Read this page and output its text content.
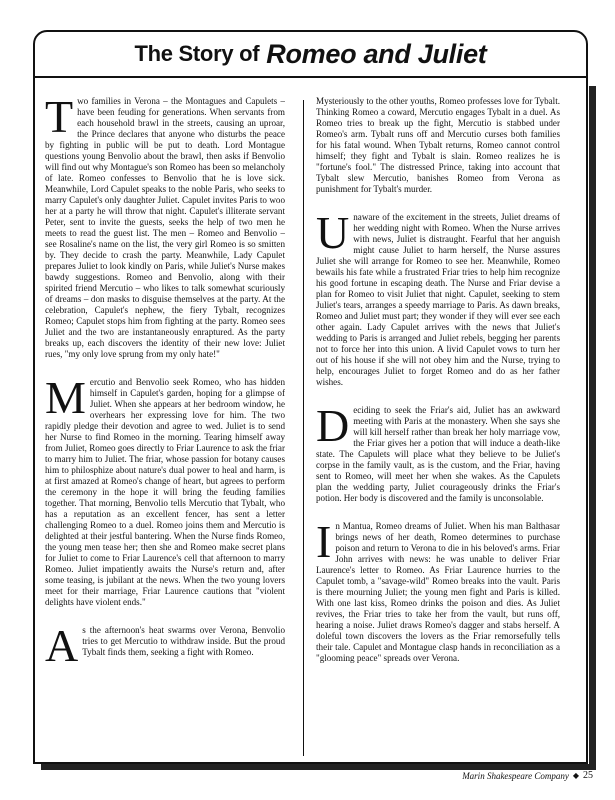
The Story of Romeo and Juliet

Two families in Verona – the Montagues and Capulets – have been feuding for generations. When servants from each household brawl in the streets, causing an uproar, the Prince declares that anyone who disturbs the peace by fighting in public will be put to death. Lord Montague questions young Benvolio about the brawl, then asks if Benvolio will find out why Montague's son Romeo has been so melancholy of late. Romeo confesses to Benvolio that he is love sick. Meanwhile, Lord Capulet speaks to the noble Paris, who seeks to marry Capulet's only daughter Juliet. Capulet invites Paris to woo her at a party he will throw that night. Capulet's illiterate servant Peter, sent to invite the guests, seeks the help of two men he meets to read the guest list. The men – Romeo and Benvolio – see Rosaline's name on the list, the very girl Romeo is so smitten by. They decide to crash the party. Meanwhile, Lady Capulet prepares Juliet to look kindly on Paris, while Juliet's Nurse makes bawdy suggestions. Romeo and Benvolio, along with their spirited friend Mercutio – who likes to talk somewhat scuriously of dreams – don masks to disguise themselves at the party. At the celebration, Capulet's nephew, the fiery Tybalt, recognizes Romeo; Capulet stops him from fighting at the party. Romeo sees Juliet and the two are instantaneously enraptured. As the party breaks up, each discovers the identity of their new love: Juliet rues, "my only love sprung from my only hate!"

Mercutio and Benvolio seek Romeo, who has hidden himself in Capulet's garden, hoping for a glimpse of Juliet. When she appears at her bedroom window, he overhears her expressing love for him. The two rapidly pledge their devotion and agree to wed. Juliet is to send her Nurse to find Romeo in the morning. Tearing himself away from Juliet, Romeo goes directly to Friar Laurence to ask the friar to marry him to Juliet. The friar, whose passion for botany causes him to philosphize about nature's dual power to heal and harm, is at first amazed at Romeo's change of heart, but agrees to perform the ceremony in the hope it will bring the feuding families together. That morning, Benvolio tells Mercutio that Tybalt, who has a reputation as an excellent fencer, has sent a letter challenging Romeo to a duel. Romeo joins them and Mercutio is delighted at their jestful bantering. When the Nurse finds Romeo, the young men tease her; then she and Romeo make secret plans for Juliet to come to Friar Laurence's cell that afternoon to marry Romeo. Juliet impatiently awaits the Nurse's return and, after some teasing, is jubilant at the news. When the two young lovers meet for their marriage, Friar Laurence cautions that "violent delights have violent ends."

As the afternoon's heat swarms over Verona, Benvolio tries to get Mercutio to withdraw inside. But the proud Tybalt finds them, seeking a fight with Romeo.

Mysteriously to the other youths, Romeo professes love for Tybalt. Thinking Romeo a coward, Mercutio engages Tybalt in a duel. As Romeo tries to break up the fight, Mercutio is stabbed under Romeo's arm. Tybalt runs off and Mercutio curses both families for his fatal wound. When Tybalt returns, Romeo cannot control himself; they fight and Tybalt is slain. Romeo realizes he is "fortune's fool." The distressed Prince, taking into account that Tybalt slew Mercutio, banishes Romeo from Verona as punishment for Tybalt's murder.

Unaware of the excitement in the streets, Juliet dreams of her wedding night with Romeo. When the Nurse arrives with news, Juliet is distraught. Fearful that her anguish might cause Juliet to harm herself, the Nurse assures Juliet she will arrange for Romeo to see her. Meanwhile, Romeo bewails his fate while a frustrated Friar tries to help him recognize his good fortune in escaping death. The Nurse and Friar devise a plan for Romeo to visit Juliet that night. Capulet, seeking to stem Juliet's tears, arranges a speedy marriage to Paris. As dawn breaks, Romeo and Juliet must part; they wonder if they will ever see each other again. Lady Capulet arrives with the news that Juliet's wedding to Paris is arranged and Juliet rebels, begging her parents not to force her into this union. A livid Capulet vows to turn her out of his house if she will not obey him and the Nurse, trying to help, encourages Juliet to forget Romeo and do as her father wishes.

Deciding to seek the Friar's aid, Juliet has an awkward meeting with Paris at the monastery. When she says she will kill herself rather than break her holy marriage vow, the Friar gives her a potion that will induce a death-like state. The Capulets will place what they believe to be Juliet's corpse in the family vault, as is the custom, and the Friar, having sent to Romeo, will meet her when she wakes. As the Capulets plan the wedding party, Juliet courageously drinks the Friar's potion. Her body is discovered and the family is unconsolable.

In Mantua, Romeo dreams of Juliet. When his man Balthasar brings news of her death, Romeo determines to purchase poison and return to Verona to die in his beloved's arms. Friar John arrives with news: he was unable to deliver Friar Laurence's letter to Romeo. As Friar Laurence hurries to the Capulet tomb, a "savage-wild" Romeo breaks into the vault. Paris is there mourning Juliet; the young men fight and Paris is killed. With one last kiss, Romeo drinks the poison and dies. As Juliet revives, the Friar tries to take her from the vault, but runs off, hearing a noise. Juliet draws Romeo's dagger and stabs herself. A doleful town discovers the lovers as the Friar remorsefully tells their tale. Capulet and Montague clasp hands in reconciliation as a "glooming peace" spreads over Verona.

Marin Shakespeare Company ◆ 25
